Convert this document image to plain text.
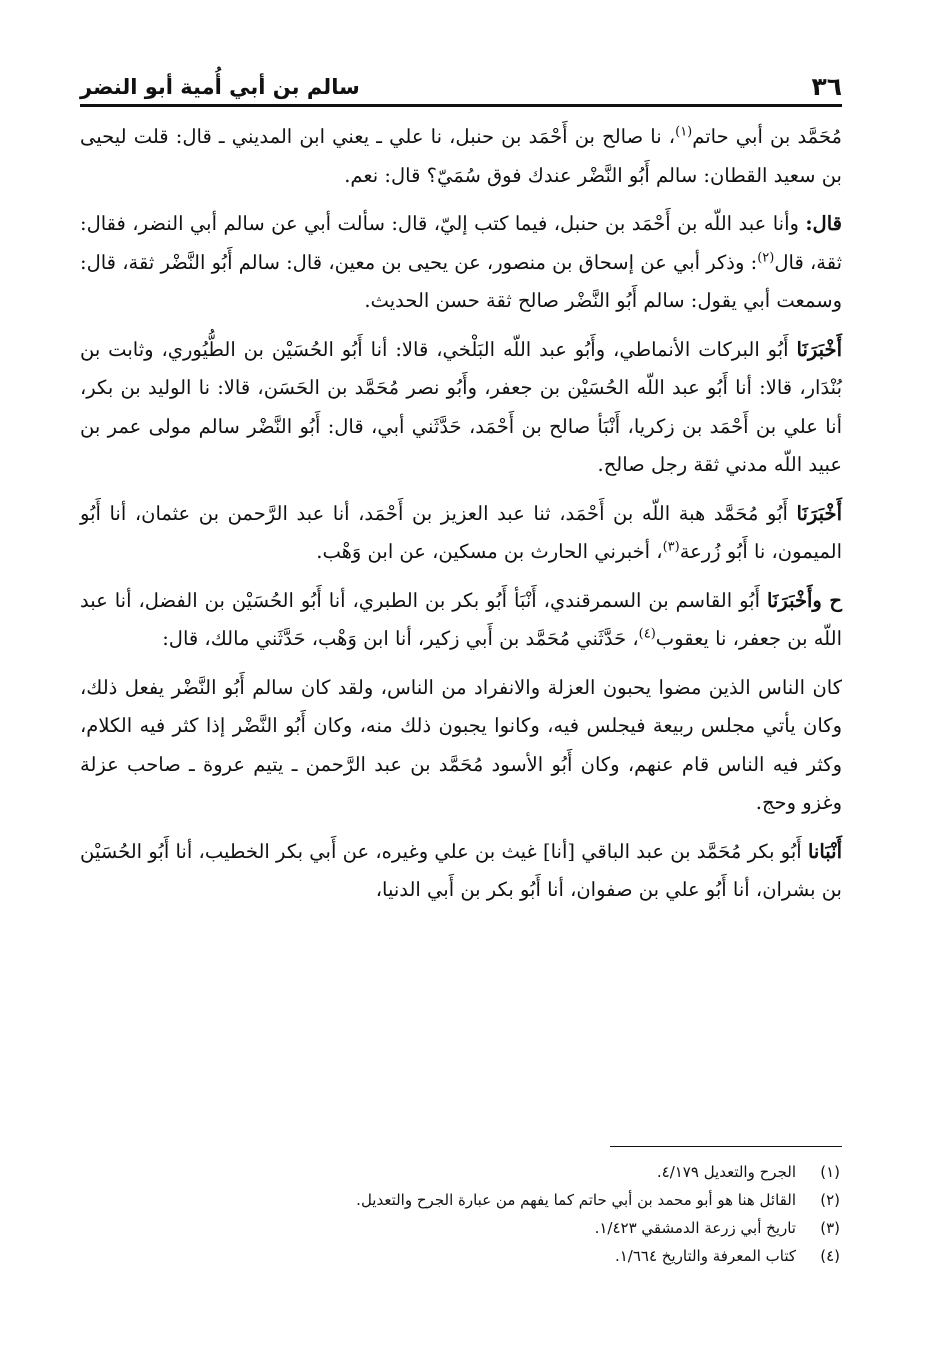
٣٦
سالم بن أبي أُمية أبو النضر

مُحَمَّد بن أبي حاتم$^{(١)}$، نا صالح بن أَحْمَد بن حنبل، نا علي ـ يعني ابن المديني ـ قال: قلت ليحيى بن سعيد القطان: سالم أَبُو النَّضْر عندك فوق سُمَيّ؟ قال: نعم.

قال: وأنا عبد اللّه بن أَحْمَد بن حنبل، فيما كتب إليّ، قال: سألت أبي عن سالم أبي النضر، فقال: ثقة، قال$^{(٢)}$: وذكر أبي عن إسحاق بن منصور، عن يحيى بن معين، قال: سالم أَبُو النَّضْر ثقة، قال: وسمعت أبي يقول: سالم أَبُو النَّضْر صالح ثقة حسن الحديث.

أَخْبَرَنَا أَبُو البركات الأنماطي، وأَبُو عبد اللّه البَلْخي، قالا: أنا أَبُو الحُسَيْن بن الطُّيُوري، وثابت بن بُنْدَار، قالا: أنا أَبُو عبد اللّه الحُسَيْن بن جعفر، وأَبُو نصر مُحَمَّد بن الحَسَن، قالا: نا الوليد بن بكر، أنا علي بن أَحْمَد بن زكريا، أَنْبَأ صالح بن أَحْمَد، حَدَّثَني أبي، قال: أَبُو النَّضْر سالم مولى عمر بن عبيد اللّه مدني ثقة رجل صالح.

أَخْبَرَنَا أَبُو مُحَمَّد هبة اللّه بن أَحْمَد، ثنا عبد العزيز بن أَحْمَد، أنا عبد الرَّحمن بن عثمان، أنا أَبُو الميمون، نا أَبُو زُرعة$^{(٣)}$، أخبرني الحارث بن مسكين، عن ابن وَهْب.

ح وأَخْبَرَنَا أَبُو القاسم بن السمرقندي، أَنْبَأ أَبُو بكر بن الطبري، أنا أَبُو الحُسَيْن بن الفضل، أنا عبد اللّه بن جعفر، نا يعقوب$^{(٤)}$، حَدَّثَني مُحَمَّد بن أَبي زكير، أنا ابن وَهْب، حَدَّثَني مالك، قال:

كان الناس الذين مضوا يحبون العزلة والانفراد من الناس، ولقد كان سالم أَبُو النَّضْر يفعل ذلك، وكان يأتي مجلس ربيعة فيجلس فيه، وكانوا يجبون ذلك منه، وكان أَبُو النَّضْر إذا كثر فيه الكلام، وكثر فيه الناس قام عنهم، وكان أَبُو الأسود مُحَمَّد بن عبد الرَّحمن ـ يتيم عروة ـ صاحب عزلة وغزو وحج.

أَنْبَانا أَبُو بكر مُحَمَّد بن عبد الباقي [أنا] غيث بن علي وغيره، عن أَبي بكر الخطيب، أنا أَبُو الحُسَيْن بن بشران، أنا أَبُو علي بن صفوان، أنا أَبُو بكر بن أَبي الدنيا،

(١)
الجرح والتعديل ٤/١٧٩.
(٢)
القائل هنا هو أبو محمد بن أبي حاتم كما يفهم من عبارة الجرح والتعديل.
(٣)
تاريخ أبي زرعة الدمشقي ١/٤٢٣.
(٤)
كتاب المعرفة والتاريخ ١/٦٦٤.
